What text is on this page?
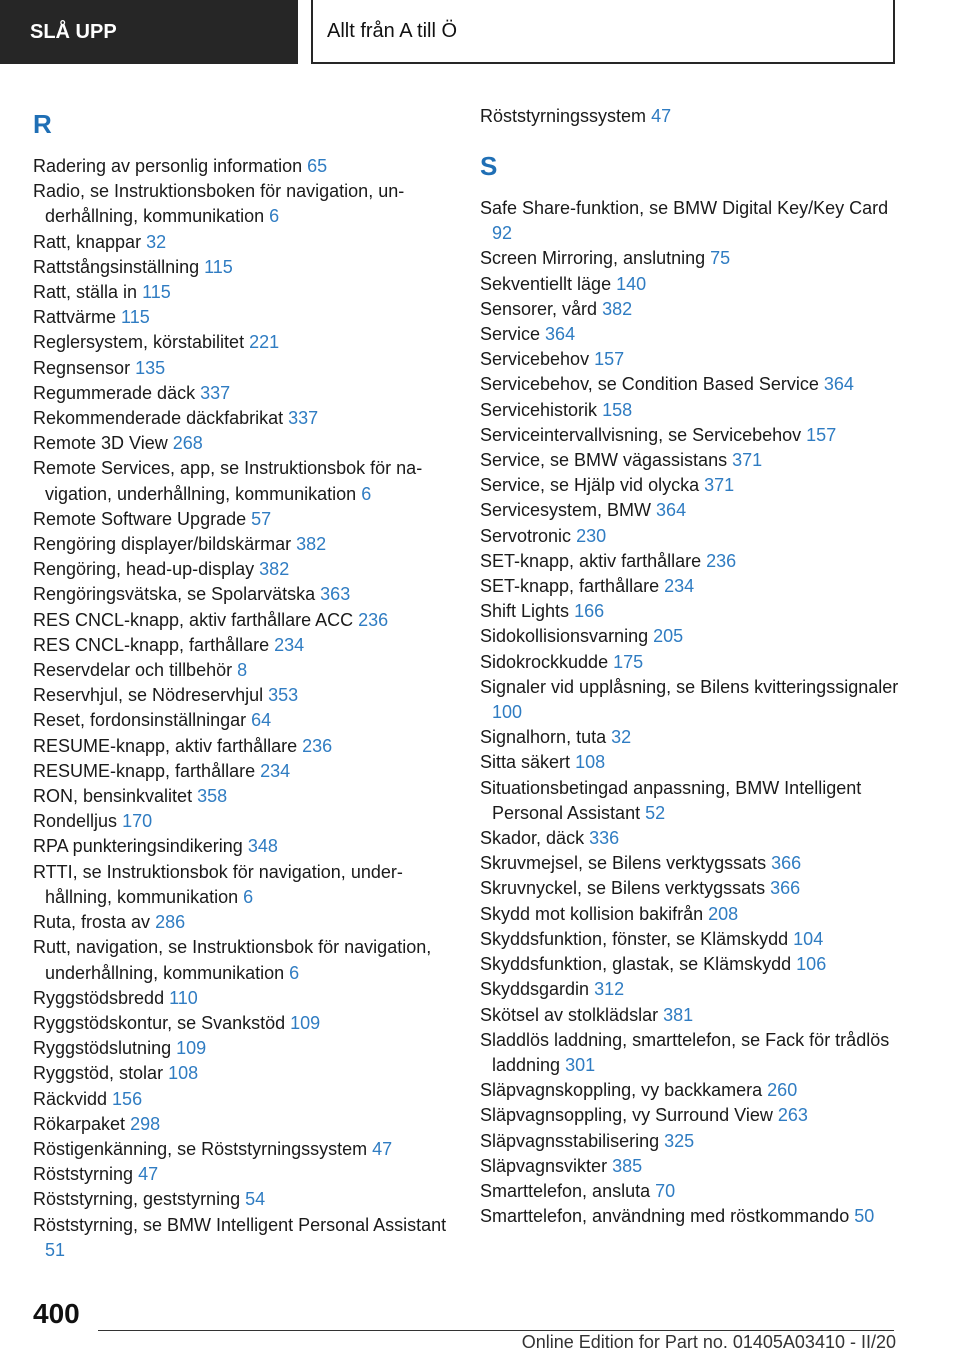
SLÅ UPP	Allt från A till Ö
R
Radering av personlig information 65
Radio, se Instruktionsboken för navigation, underhållning, kommunikation 6
Ratt, knappar 32
Rattstångsinställning 115
Ratt, ställa in 115
Rattvärme 115
Reglersystem, körstabilitet 221
Regnsensor 135
Regummerade däck 337
Rekommenderade däckfabrikat 337
Remote 3D View 268
Remote Services, app, se Instruktionsbok för navigation, underhållning, kommunikation 6
Remote Software Upgrade 57
Rengöring displayer/bildskärmar 382
Rengöring, head-up-display 382
Rengöringsvätska, se Spolarvätska 363
RES CNCL-knapp, aktiv farthållare ACC 236
RES CNCL-knapp, farthållare 234
Reservdelar och tillbehör 8
Reservhjul, se Nödreservhjul 353
Reset, fordonsinställningar 64
RESUME-knapp, aktiv farthållare 236
RESUME-knapp, farthållare 234
RON, bensinkvalitet 358
Rondelljus 170
RPA punkteringsindikering 348
RTTI, se Instruktionsbok för navigation, underhållning, kommunikation 6
Ruta, frosta av 286
Rutt, navigation, se Instruktionsbok för navigation, underhållning, kommunikation 6
Ryggstödsbredd 110
Ryggstödskontur, se Svankstöd 109
Ryggstödslutning 109
Ryggstöd, stolar 108
Räckvidd 156
Rökarpaket 298
Röstigenkänning, se Röststyrningssystem 47
Röststyrning 47
Röststyrning, geststyrning 54
Röststyrning, se BMW Intelligent Personal Assistant 51
Röststyrningssystem 47
S
Safe Share-funktion, se BMW Digital Key/Key Card 92
Screen Mirroring, anslutning 75
Sekventiellt läge 140
Sensorer, vård 382
Service 364
Servicebehov 157
Servicebehov, se Condition Based Service 364
Servicehistorik 158
Serviceintervallvisning, se Servicebehov 157
Service, se BMW vägassistans 371
Service, se Hjälp vid olycka 371
Servicesystem, BMW 364
Servotronic 230
SET-knapp, aktiv farthållare 236
SET-knapp, farthållare 234
Shift Lights 166
Sidokollisionsvarning 205
Sidokrockkudde 175
Signaler vid upplåsning, se Bilens kvitteringssignaler 100
Signalhorn, tuta 32
Sitta säkert 108
Situationsbetingad anpassning, BMW Intelligent Personal Assistant 52
Skador, däck 336
Skruvmejsel, se Bilens verktygssats 366
Skruvnyckel, se Bilens verktygssats 366
Skydd mot kollision bakifrån 208
Skyddsfunktion, fönster, se Klämskydd 104
Skyddsfunktion, glastak, se Klämskydd 106
Skyddsgardin 312
Skötsel av stolklädslar 381
Sladdlös laddning, smarttelefon, se Fack för trådlös laddning 301
Släpvagnskoppling, vy backkamera 260
Släpvagnsoppling, vy Surround View 263
Släpvagnsstabilisering 325
Släpvagnsvikter 385
Smarttelefon, ansluta 70
Smarttelefon, användning med röstkommando 50
400
Online Edition for Part no. 01405A03410 - II/20
